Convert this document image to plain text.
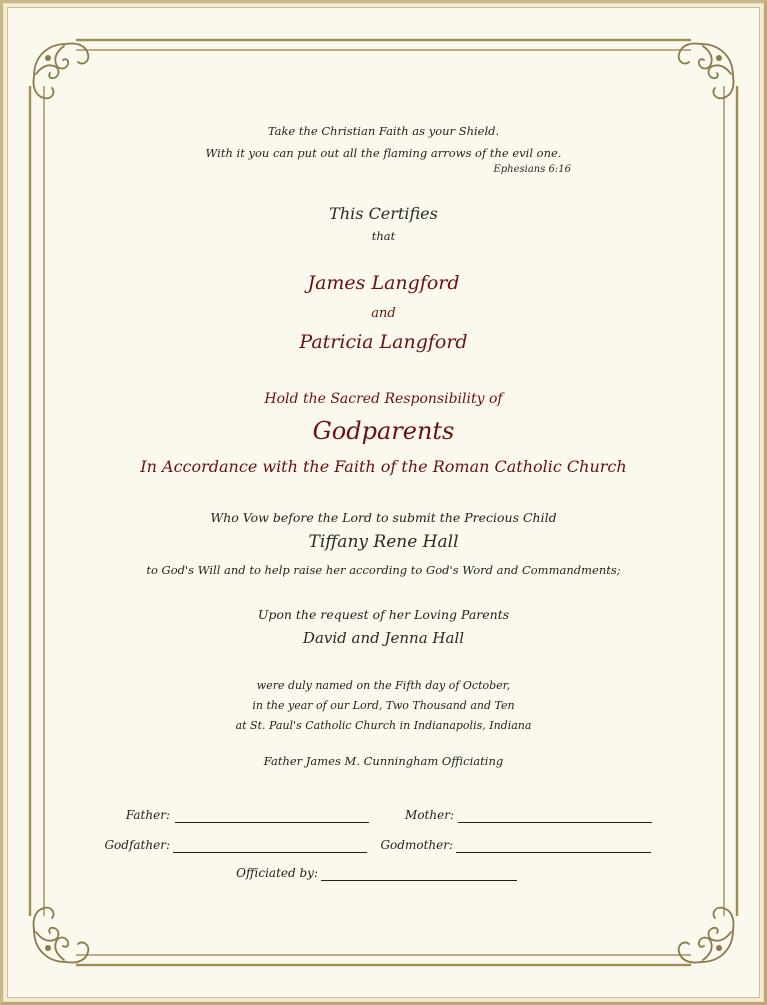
Take the Christian Faith as your Shield.
With it you can put out all the flaming arrows of the evil one.
Ephesians 6:16
This Certifies
that
James Langford
and
Patricia Langford
Hold the Sacred Responsibility of
Godparents
In Accordance with the Faith of the Roman Catholic Church
Who Vow before the Lord to submit the Precious Child
Tiffany Rene Hall
to God's Will and to help raise her according to God's Word and Commandments;
Upon the request of her Loving Parents
David and Jenna Hall
were duly named on the Fifth day of October,
in the year of our Lord, Two Thousand and Ten
at St. Paul's Catholic Church in Indianapolis, Indiana
Father James M. Cunningham Officiating
Father:	Mother:
Godfather:	Godmother:
Officiated by:
